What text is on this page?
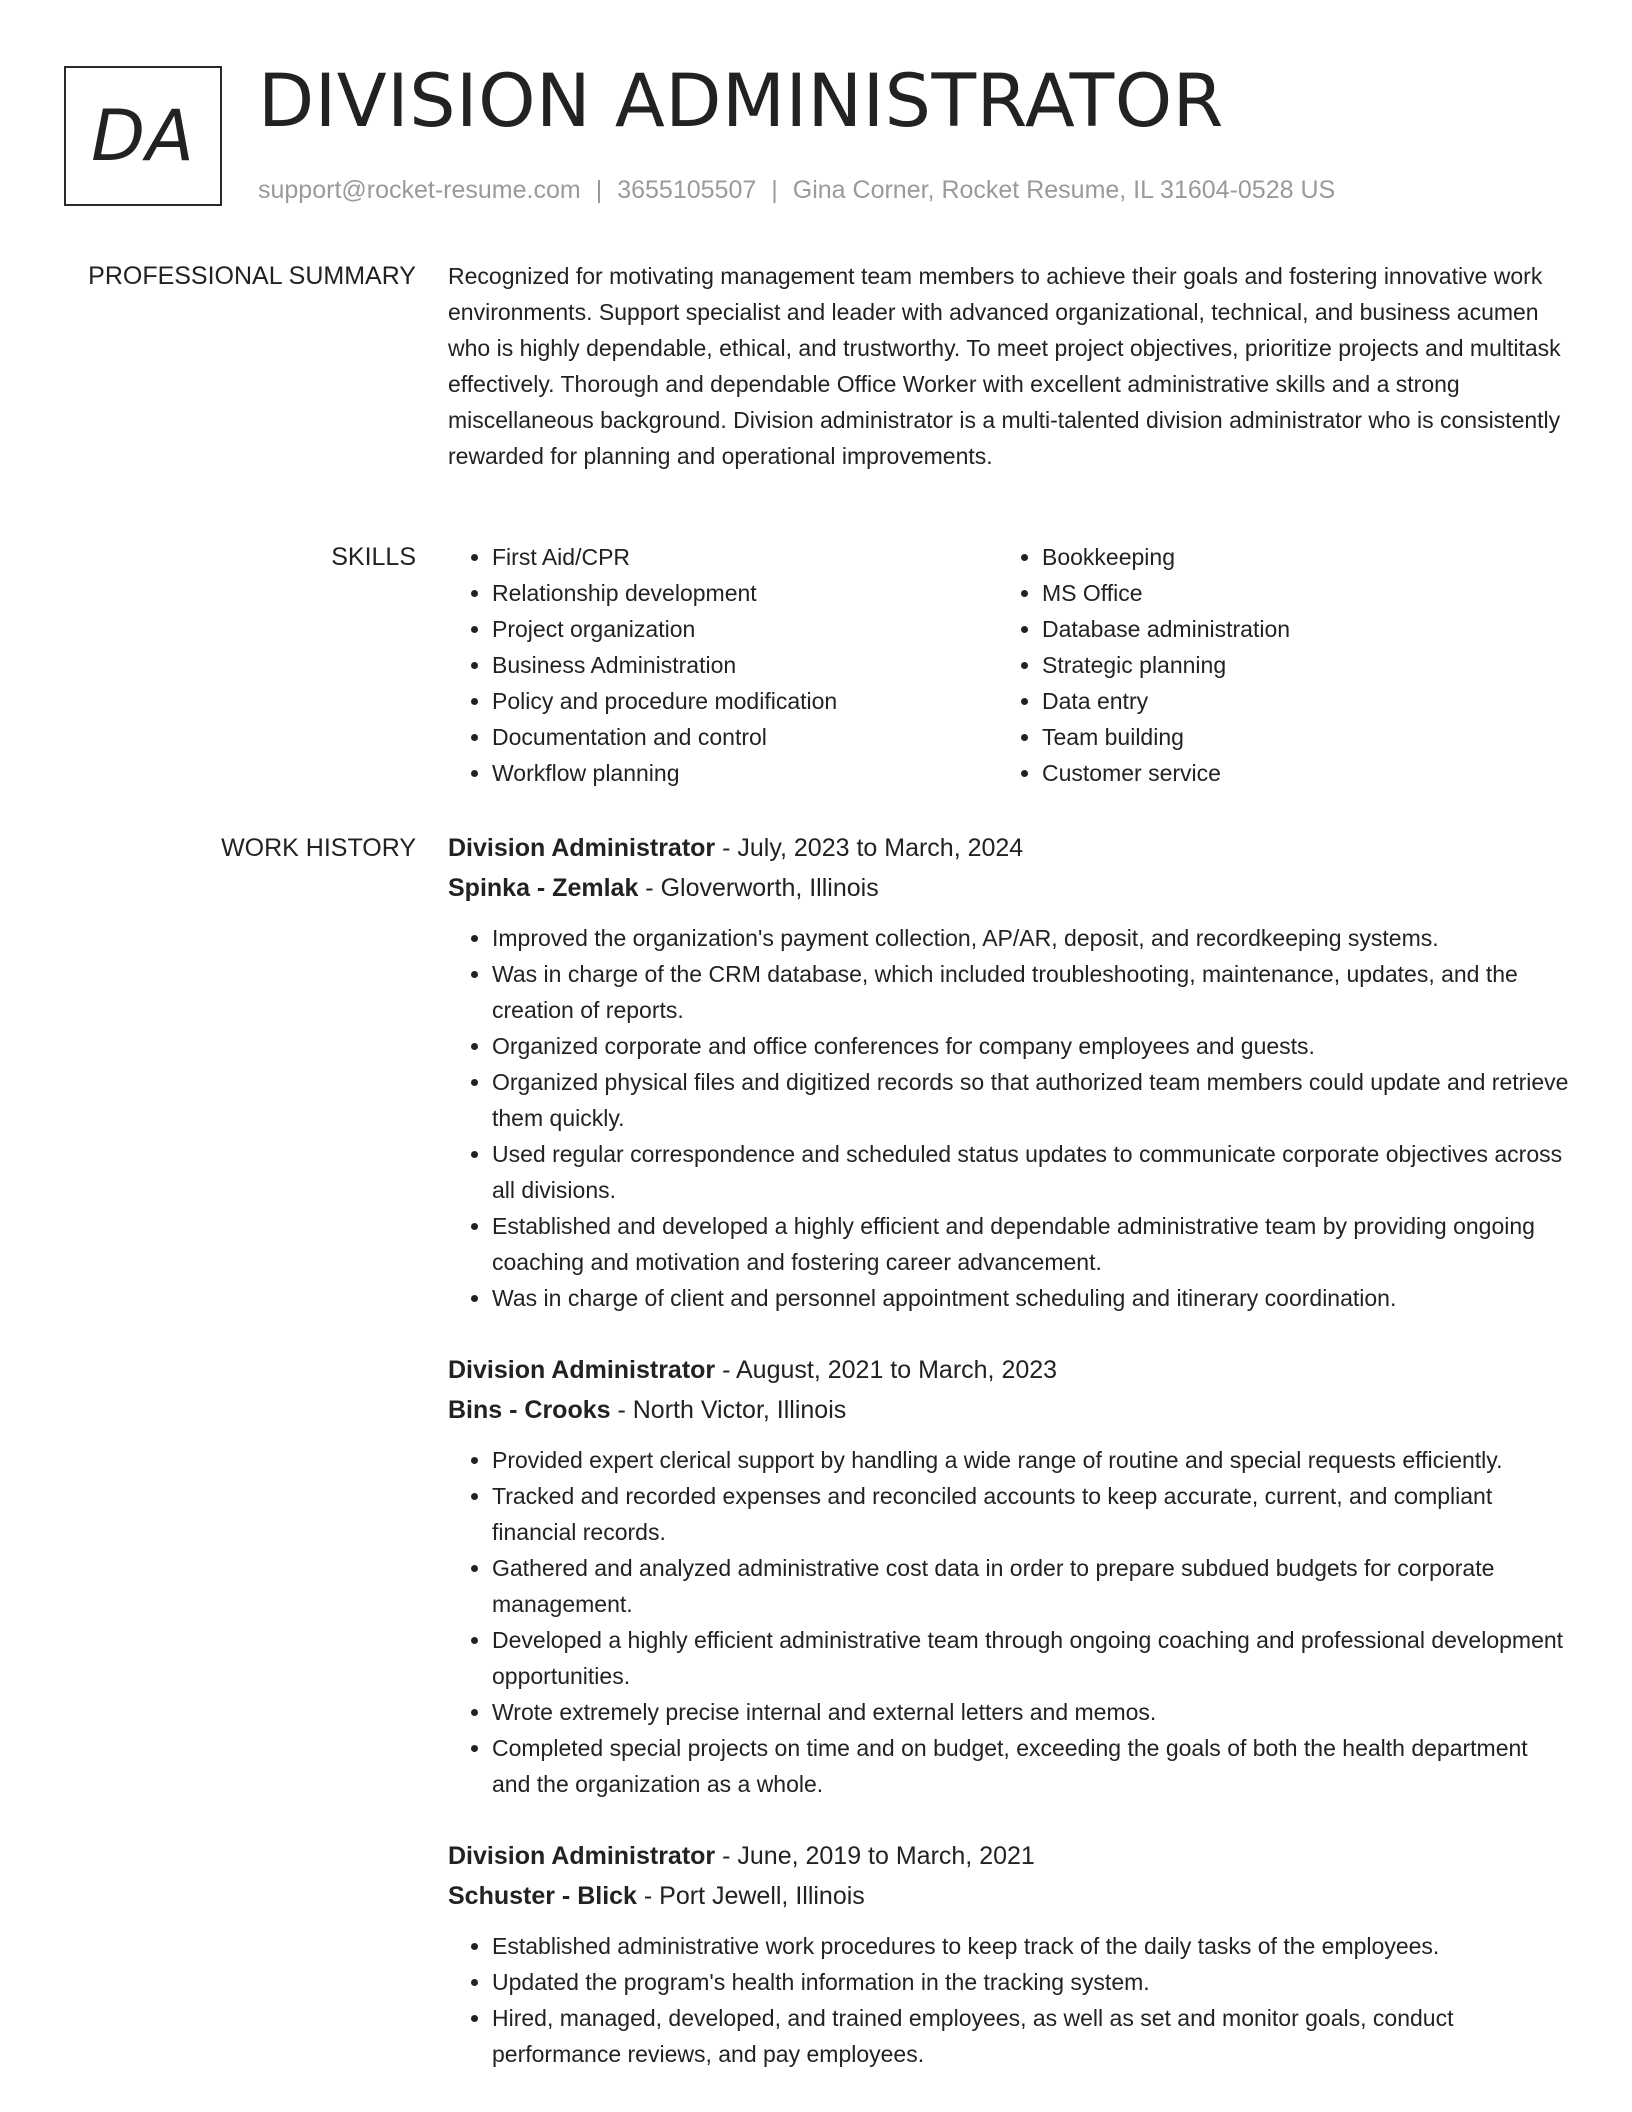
DA DIVISION ADMINISTRATOR
support@rocket-resume.com | 3655105507 | Gina Corner, Rocket Resume, IL 31604-0528 US
PROFESSIONAL SUMMARY Recognized for motivating management team members to achieve their goals and fostering innovative work environments. Support specialist and leader with advanced organizational, technical, and business acumen who is highly dependable, ethical, and trustworthy. To meet project objectives, prioritize projects and multitask effectively. Thorough and dependable Office Worker with excellent administrative skills and a strong miscellaneous background. Division administrator is a multi-talented division administrator who is consistently rewarded for planning and operational improvements.

SKILLS
•	First Aid/CPR
• Relationship development
• Project organization
• Business Administration
• Policy and procedure modification
• Documentation and control
• Workflow planning
• Bookkeeping
• MS Office
• Database administration
• Strategic planning
• Data entry
• Team building
• Customer service
WORK HISTORY Division Administrator - July, 2023 to March, 2024
Spinka - Zemlak - Gloverworth, Illinois
• Improved the organization's payment collection, AP/AR, deposit, and recordkeeping systems.
• Was in charge of the CRM database, which included troubleshooting, maintenance, updates, and the creation of reports.
• Organized corporate and office conferences for company employees and guests.
• Organized physical files and digitized records so that authorized team members could update and retrieve them quickly.
• Used regular correspondence and scheduled status updates to communicate corporate objectives across all divisions.
• Established and developed a highly efficient and dependable administrative team by providing ongoing coaching and motivation and fostering career advancement.
• Was in charge of client and personnel appointment scheduling and itinerary coordination.
Division Administrator - August, 2021 to March, 2023
Bins - Crooks - North Victor, Illinois
• Provided expert clerical support by handling a wide range of routine and special requests efficiently.
• Tracked and recorded expenses and reconciled accounts to keep accurate, current, and compliant financial records.
• Gathered and analyzed administrative cost data in order to prepare subdued budgets for corporate management.
• Developed a highly efficient administrative team through ongoing coaching and professional development opportunities.
• Wrote extremely precise internal and external letters and memos.
• Completed special projects on time and on budget, exceeding the goals of both the health department and the organization as a whole.
Division Administrator - June, 2019 to March, 2021
Schuster - Blick - Port Jewell, Illinois
• Established administrative work procedures to keep track of the daily tasks of the employees.
• Updated the program's health information in the tracking system.
• Hired, managed, developed, and trained employees, as well as set and monitor goals, conduct performance reviews, and pay employees.
